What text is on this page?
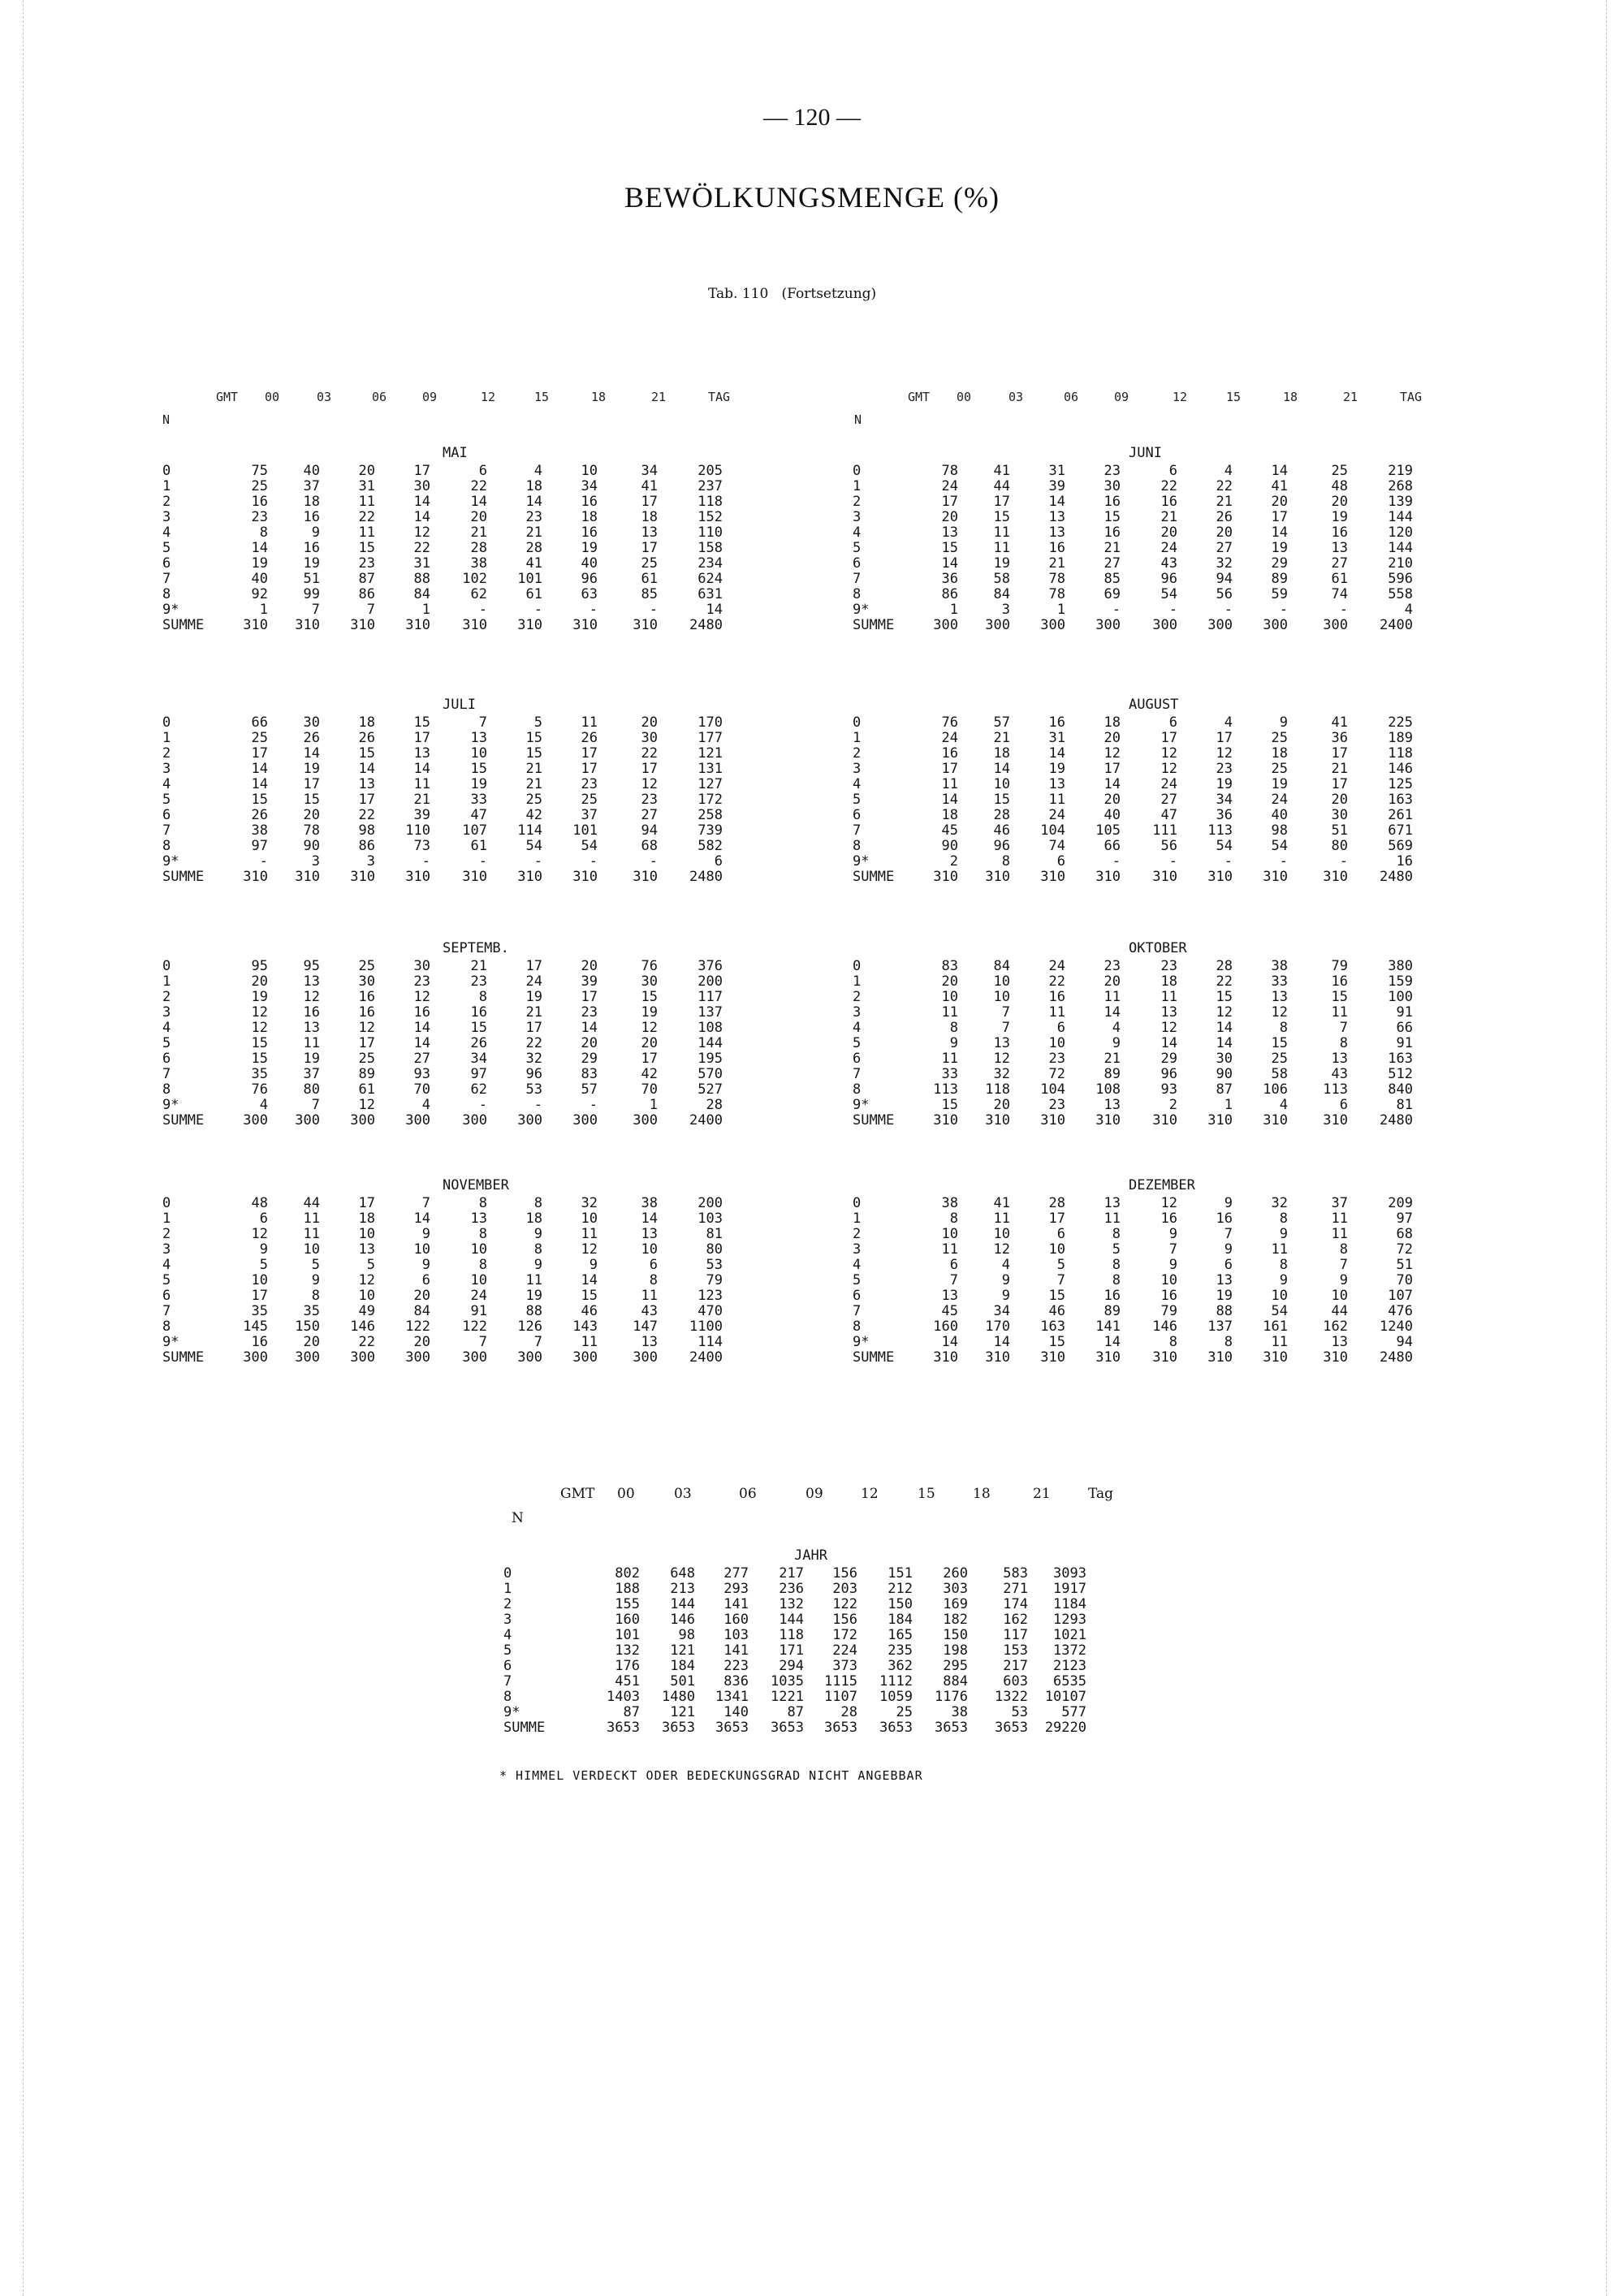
— 120 —
BEWÖLKUNGSMENGE (%)
Tab. 110   (Fortsetzung)
N
GMT 00	03	06	09	12	15	18	21	TAG
N
GMT 00	03	06	09	12	15	18	21	TAG
MAI
0	75	40	20	17	6	4	10	34	205
1	25	37	31	30	22	18	34	41	237
2	16	18	11	14	14	14	16	17	118
3	23	16	22	14	20	23	18	18	152
4	8	9	11	12	21	21	16	13	110
5	14	16	15	22	28	28	19	17	158
6	19	19	23	31	38	41	40	25	234
7	40	51	87	88 102 101	96	61	624
8	92	99	86	84	62	61	63	85	631
9*	1	7	7	1	-	-	-	-	14
SUMME	310 310 310 310 310 310 310	310 2480
JUNI
0	78	41	31	23	6	4	14	25	219
1	24	44	39	30	22	22	41	48	268
2	17	17	14	16	16	21	20	20	139
3	20	15	13	15	21	26	17	19	144
4	13	11	13	16	20	20	14	16	120
5	15	11	16	21	24	27	19	13	144
6	14	19	21	27	43	32	29	27	210
7	36	58	78	85	96	94	89	61	596
8	86	84	78	69	54	56	59	74	558
9*	1	3	1	-	-	-	-	-	4
SUMME	300 300 300 300 300 300 300	300 2400
JULI
0	66	30	18	15	7	5	11	20	170
1	25	26	26	17	13	15	26	30	177
2	17	14	15	13	10	15	17	22	121
3	14	19	14	14	15	21	17	17	131
4	14	17	13	11	19	21	23	12	127
5	15	15	17	21	33	25	25	23	172
6	26	20	22	39	47	42	37	27	258
7	38	78	98 110 107 114 101	94	739
8	97	90	86	73	61	54	54	68	582
9*	-	3	3	-	-	-	-	-	6
SUMME	310 310 310 310 310 310 310	310 2480
AUGUST
0	76	57	16	18	6	4	9	41	225
1	24	21	31	20	17	17	25	36	189
2	16	18	14	12	12	12	18	17	118
3	17	14	19	17	12	23	25	21	146
4	11	10	13	14	24	19	19	17	125
5	14	15	11	20	27	34	24	20	163
6	18	28	24	40	47	36	40	30	261
7	45	46 104 105 111 113	98	51	671
8	90	96	74	66	56	54	54	80	569
9*	2	8	6	-	-	-	-	-	16
SUMME	310 310 310 310 310 310 310	310 2480
SEPTEMB.
0	95	95	25	30	21	17	20	76	376
1	20	13	30	23	23	24	39	30	200
2	19	12	16	12	8	19	17	15	117
3	12	16	16	16	16	21	23	19	137
4	12	13	12	14	15	17	14	12	108
5	15	11	17	14	26	22	20	20	144
6	15	19	25	27	34	32	29	17	195
7	35	37	89	93	97	96	83	42	570
8	76	80	61	70	62	53	57	70	527
9*	4	7	12	4	-	-	-	1	28
SUMME	300 300 300 300 300 300 300	300 2400
OKTOBER
0	83	84	24	23	23	28	38	79	380
1	20	10	22	20	18	22	33	16	159
2	10	10	16	11	11	15	13	15	100
3	11	7	11	14	13	12	12	11	91
4	8	7	6	4	12	14	8	7	66
5	9	13	10	9	14	14	15	8	91
6	11	12	23	21	29	30	25	13	163
7	33	32	72	89	96	90	58	43	512
8	113 118 104 108	93	87 106	113	840
9*	15	20	23	13	2	1	4	6	81
SUMME	310 310 310 310 310 310 310	310 2480
NOVEMBER
0	48	44	17	7	8	8	32	38	200
1	6	11	18	14	13	18	10	14	103
2	12	11	10	9	8	9	11	13	81
3	9	10	13	10	10	8	12	10	80
4	5	5	5	9	8	9	9	6	53
5	10	9	12	6	10	11	14	8	79
6	17	8	10	20	24	19	15	11	123
7	35	35	49	84	91	88	46	43	470
8	145 150 146 122 122 126 143	147 1100
9*	16	20	22	20	7	7	11	13	114
SUMME	300 300 300 300 300 300 300	300 2400
DEZEMBER
0	38	41	28	13	12	9	32	37	209
1	8	11	17	11	16	16	8	11	97
2	10	10	6	8	9	7	9	11	68
3	11	12	10	5	7	9	11	8	72
4	6	4	5	8	9	6	8	7	51
5	7	9	7	8	10	13	9	9	70
6	13	9	15	16	16	19	10	10	107
7	45	34	46	89	79	88	54	44	476
8	160 170 163 141 146 137 161	162 1240
9*	14	14	15	14	8	8	11	13	94
SUMME	310 310 310 310 310 310 310	310 2480
N
GMT 00	03	06	09	12	15	18	21	Tag
JAHR
0	802 648 277 217 156 151 260	583 3093
1	188 213 293 236 203 212 303	271 1917
2	155 144 141 132 122 150 169	174 1184
3	160 146 160 144 156 184 182	162 1293
4	101	98 103 118 172 165 150	117 1021
5	132 121 141 171 224 235 198	153 1372
6	176 184 223 294 373 362 295	217 2123
7	451 501 836 1035 1115 1112 884	603 6535
8	1403 1480 1341 1221 1107 1059 1176 1322 10107
9*	87 121 140	87	28	25	38	53 577
SUMME	3653 3653 3653 3653 3653 3653 3653 3653 29220
* HIMMEL VERDECKT ODER BEDECKUNGSGRAD NICHT ANGEBBAR
